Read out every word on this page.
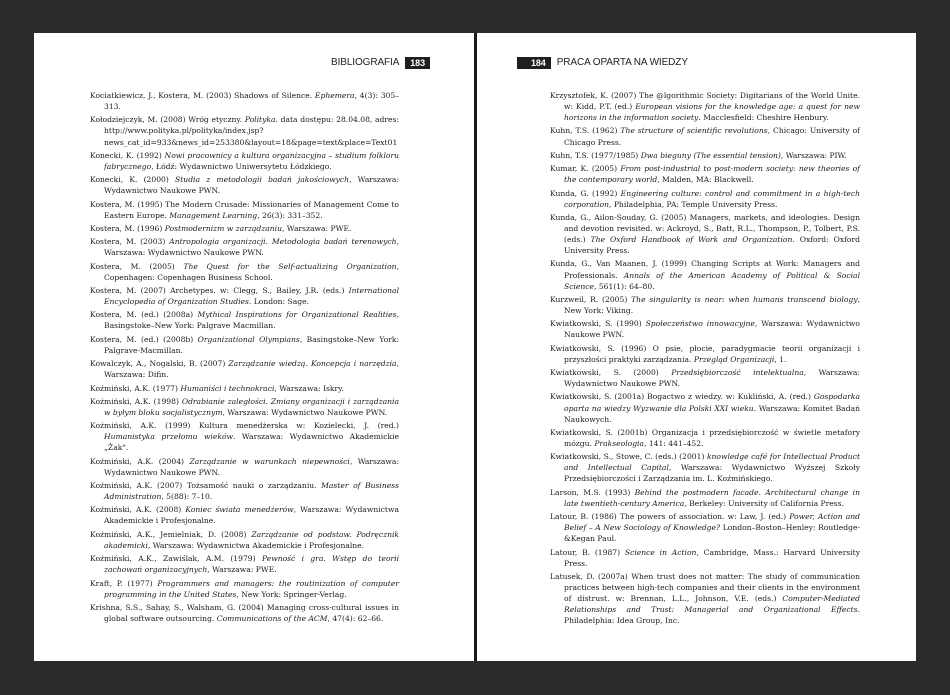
BIBLIOGRAFIA	183

Kociatkiewicz, J., Kostera, M. (2003) Shadows of Silence. Ephemera, 4(3): 305–313.

Kołodziejczyk, M. (2008) Wróg etyczny. Polityka. data dostępu: 28.04.08, adres: http://www.polityka.pl/polityka/index.jsp?news_cat_id=933&news_id=253380&layout=18&page=text&place=Text01

Konecki, K. (1992) Nowi pracownicy a kultura organizacyjna – studium folkloru fabrycznego, Łódź: Wydawnictwo Uniwersytetu Łódzkiego.

Konecki, K. (2000) Studia z metodologii badań jakościowych, Warszawa: Wydawnictwo Naukowe PWN.

Kostera, M. (1995) The Modern Crusade: Missionaries of Management Come to Eastern Europe. Management Learning, 26(3): 331–352.

Kostera, M. (1996) Postmodernizm w zarządzaniu, Warszawa: PWE.

Kostera, M. (2003) Antropologia organizacji. Metodologia badań terenowych, Warszawa: Wydawnictwo Naukowe PWN.

Kostera, M. (2005) The Quest for the Self-actualizing Organization, Copenhagen: Copenhagen Business School.

Kostera, M. (2007) Archetypes. w: Clegg, S., Bailey, J.R. (eds.) International Encyclopedia of Organization Studies. London: Sage.

Kostera, M. (ed.) (2008a) Mythical Inspirations for Organizational Realities, Basingstoke–New York: Palgrave Macmillan.

Kostera, M. (ed.) (2008b) Organizational Olympians, Basingstoke–New York: Palgrave-Macmillan.

Kowalczyk, A., Nogalski, B. (2007) Zarządzanie wiedzą. Koncepcja i narzędzia, Warszawa: Difin.

Koźmiński, A.K. (1977) Humaniści i technokraci, Warszawa: Iskry.

Koźmiński, A.K. (1998) Odrabianie zaległości. Zmiany organizacji i zarządzania w byłym bloku socjalistycznym, Warszawa: Wydawnictwo Naukowe PWN.

Koźmiński, A.K. (1999) Kultura menedżerska w: Kozielecki, J. (red.) Humanistyka przełomu wieków. Warszawa: Wydawnictwo Akademickie „Żak".

Koźmiński, A.K. (2004) Zarządzanie w warunkach niepewności, Warszawa: Wydawnictwo Naukowe PWN.

Koźmiński, A.K. (2007) Tożsamość nauki o zarządzaniu. Master of Business Administration, 5(88): 7–10.

Koźmiński, A.K. (2008) Koniec świata menedżerów, Warszawa: Wydawnictwa Akademickie i Profesjonalne.

Koźmiński, A.K., Jemielniak, D. (2008) Zarządzanie od podstaw. Podręcznik akademicki, Warszawa: Wydawnictwa Akademickie i Profesjonalne.

Koźmiński, A.K., Zawiślak, A.M. (1979) Pewność i gra. Wstęp do teorii zachowań organizacyjnych, Warszawa: PWE.

Kraft, P. (1977) Programmers and managers: the routinization of computer programming in the United States, New York: Springer-Verlag.

Krishna, S.S., Sahay, S., Walsham, G. (2004) Managing cross-cultural issues in global software outsourcing. Communications of the ACM, 47(4): 62–66.

184	PRACA OPARTA NA WIEDZY

Krzysztofek, K. (2007) The @lgorithmic Society: Digitarians of the World Unite. w: Kidd, P.T. (ed.) European visions for the knowledge age: a quest for new horizons in the information society. Macclesfield: Cheshire Henbury.

Kuhn, T.S. (1962) The structure of scientific revolutions, Chicago: University of Chicago Press.

Kuhn, T.S. (1977/1985) Dwa bieguny (The essential tension), Warszawa: PIW.

Kumar, K. (2005) From post-industrial to post-modern society: new theories of the contemporary world, Malden, MA: Blackwell.

Kunda, G. (1992) Engineering culture: control and commitment in a high-tech corporation, Philadelphia, PA: Temple University Press.

Kunda, G., Ailon-Souday, G. (2005) Managers, markets, and ideologies. Design and devotion revisited. w: Ackroyd, S., Batt, R.L., Thompson, P., Tolbert, P.S. (eds.) The Oxford Handbook of Work and Organization. Oxford: Oxford University Press.

Kunda, G., Van Maanen, J. (1999) Changing Scripts at Work: Managers and Professionals. Annals of the American Academy of Political & Social Science, 561(1): 64–80.

Kurzweil, R. (2005) The singularity is near: when humans transcend biology, New York: Viking.

Kwiatkowski, S. (1990) Społeczeństwo innowacyjne, Warszawa: Wydawnictwo Naukowe PWN.

Kwiatkowski, S. (1996) O psie, płocie, paradygmacie teorii organizacji i przyszłości praktyki zarządzania. Przegląd Organizacji, 1.

Kwiatkowski, S. (2000) Przedsiębiorczość intelektualna, Warszawa: Wydawnictwo Naukowe PWN.

Kwiatkowski, S. (2001a) Bogactwo z wiedzy. w: Kukliński, A. (red.) Gospodarka oparta na wiedzy Wyzwanie dla Polski XXI wieku. Warszawa: Komitet Badań Naukowych.

Kwiatkowski, S. (2001b) Organizacja i przedsiębiorczość w świetle metafory mózgu. Prakseologia, 141: 441–452.

Kwiatkowski, S., Stowe, C. (eds.) (2001) knowledge café for Intellectual Product and Intellectual Capital, Warszawa: Wydawnictwo Wyższej Szkoły Przedsiębiorczości i Zarządzania im. L. Koźmińskiego.

Larson, M.S. (1993) Behind the postmodern facade. Architectural change in late twentieth-century America, Berkeley: University of California Press.

Latour, B. (1986) The powers of association. w: Law, J. (ed.) Power, Action and Belief – A New Sociology of Knowledge? London–Boston–Henley: Routledge-&Kegan Paul.

Latour, B. (1987) Science in Action, Cambridge, Mass.: Harvard University Press.

Latusek, D. (2007a) When trust does not matter: The study of communication practices between high-tech companies and their clients in the environment of distrust. w: Brennan, L.L., Johnson, V.E. (eds.) Computer-Mediated Relationships and Trust: Managerial and Organizational Effects. Philadelphia: Idea Group, Inc.
